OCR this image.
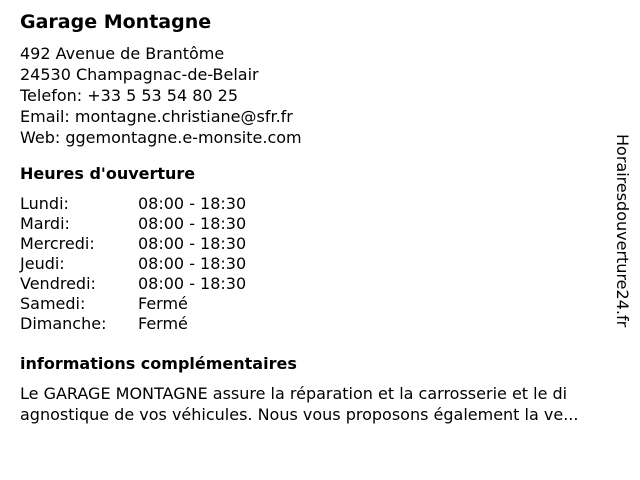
Garage Montagne
492 Avenue de Brantôme
24530 Champagnac-de-Belair
Telefon: +33 5 53 54 80 25
Email: montagne.christiane@sfr.fr
Web: ggemontagne.e-monsite.com
Heures d'ouverture
Lundi:	08:00 - 18:30
Mardi:	08:00 - 18:30
Mercredi:	08:00 - 18:30
Jeudi:	08:00 - 18:30
Vendredi:	08:00 - 18:30
Samedi:	Fermé
Dimanche: Fermé
informations complémentaires
Le GARAGE MONTAGNE assure la réparation et la carrosserie et le di
agnostique de vos véhicules. Nous vous proposons également la ve...
Horairesdouverture24.fr
